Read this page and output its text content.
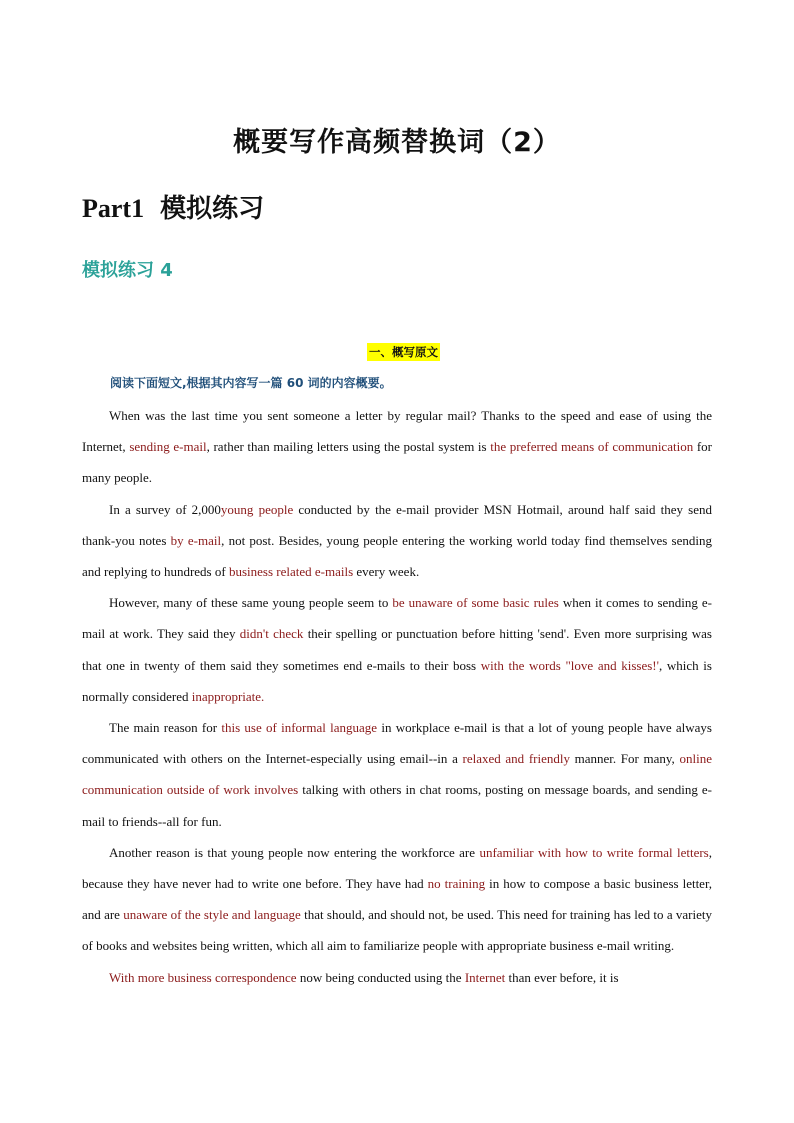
概要写作高频替换词（2）
Part1 模拟练习
模拟练习 4
一、概写原文
阅读下面短文,根据其内容写一篇 60 词的内容概要。

When was the last time you sent someone a letter by regular mail? Thanks to the speed and ease of using the Internet, sending e-mail, rather than mailing letters using the postal system is the preferred means of communication for many people.

In a survey of 2,000young people conducted by the e-mail provider MSN Hotmail, around half said they send thank-you notes by e-mail, not post. Besides, young people entering the working world today find themselves sending and replying to hundreds of business related e-mails every week.

However, many of these same young people seem to be unaware of some basic rules when it comes to sending e-mail at work. They said they didn't check their spelling or punctuation before hitting 'send'. Even more surprising was that one in twenty of them said they sometimes end e-mails to their boss with the words "love and kisses!', which is normally considered inappropriate.

The main reason for this use of informal language in workplace e-mail is that a lot of young people have always communicated with others on the Internet-especially using email--in a relaxed and friendly manner. For many, online communication outside of work involves talking with others in chat rooms, posting on message boards, and sending e-mail to friends--all for fun.

Another reason is that young people now entering the workforce are unfamiliar with how to write formal letters, because they have never had to write one before. They have had no training in how to compose a basic business letter, and are unaware of the style and language that should, and should not, be used. This need for training has led to a variety of books and websites being written, which all aim to familiarize people with appropriate business e-mail writing.

With more business correspondence now being conducted using the Internet than ever before, it is
